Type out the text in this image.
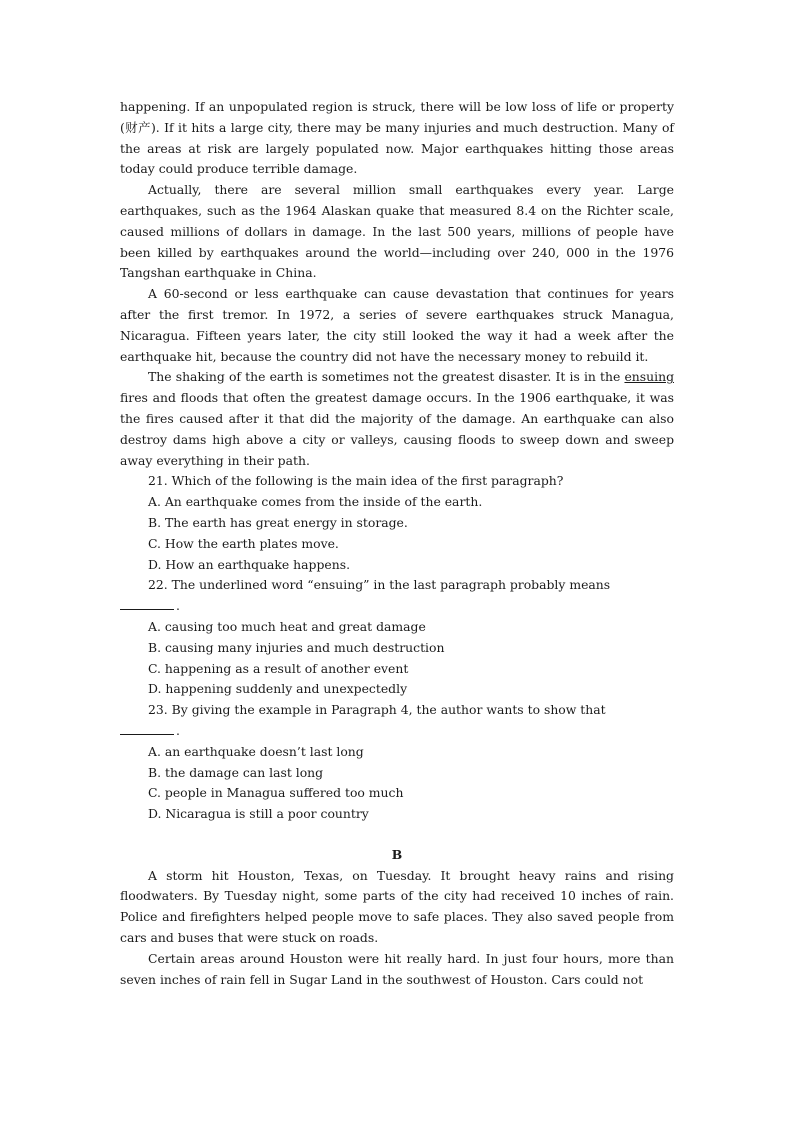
happening. If an unpopulated region is struck, there will be low loss of life or property (财产). If it hits a large city, there may be many injuries and much destruction. Many of the areas at risk are largely populated now. Major earthquakes hitting those areas today could produce terrible damage.

Actually, there are several million small earthquakes every year. Large earthquakes, such as the 1964 Alaskan quake that measured 8.4 on the Richter scale, caused millions of dollars in damage. In the last 500 years, millions of people have been killed by earthquakes around the world—including over 240, 000 in the 1976 Tangshan earthquake in China.

A 60-second or less earthquake can cause devastation that continues for years after the first tremor. In 1972, a series of severe earthquakes struck Managua, Nicaragua. Fifteen years later, the city still looked the way it had a week after the earthquake hit, because the country did not have the necessary money to rebuild it.

The shaking of the earth is sometimes not the greatest disaster. It is in the ensuing fires and floods that often the greatest damage occurs. In the 1906 earthquake, it was the fires caused after it that did the majority of the damage. An earthquake can also destroy dams high above a city or valleys, causing floods to sweep down and sweep away everything in their path.

21. Which of the following is the main idea of the first paragraph?

A. An earthquake comes from the inside of the earth.

B. The earth has great energy in storage.

C. How the earth plates move.

D. How an earthquake happens.

22. The underlined word “ensuing” in the last paragraph probably means

.

A. causing too much heat and great damage

B. causing many injuries and much destruction

C. happening as a result of another event

D. happening suddenly and unexpectedly

23. By giving the example in Paragraph 4, the author wants to show that

.

A. an earthquake doesn’t last long

B. the damage can last long

C. people in Managua suffered too much

D. Nicaragua is still a poor country

B

A storm hit Houston, Texas, on Tuesday. It brought heavy rains and rising floodwaters. By Tuesday night, some parts of the city had received 10 inches of rain. Police and firefighters helped people move to safe places. They also saved people from cars and buses that were stuck on roads.

Certain areas around Houston were hit really hard. In just four hours, more than seven inches of rain fell in Sugar Land in the southwest of Houston. Cars could not
